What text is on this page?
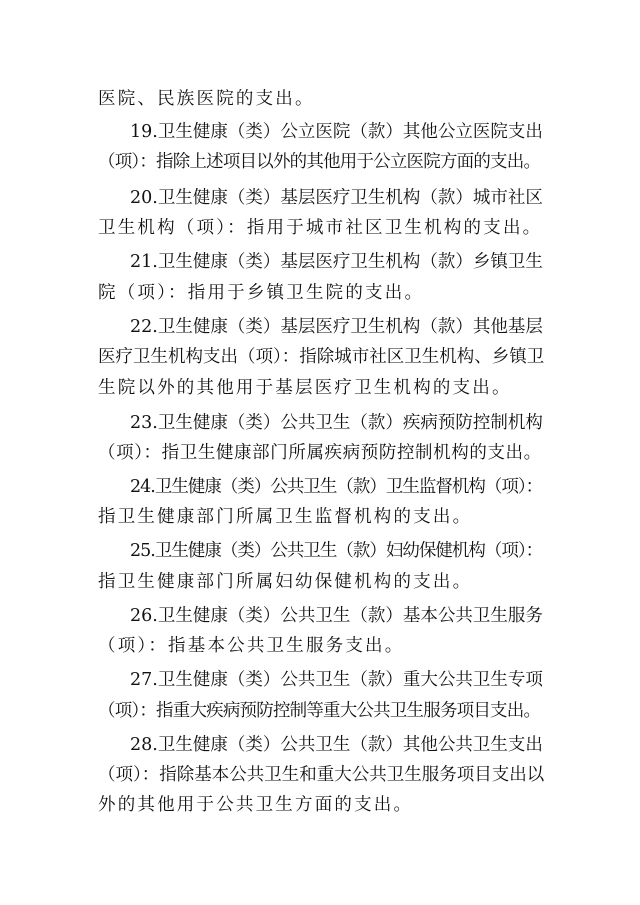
医院、民族医院的支出。
19.卫生健康（类）公立医院（款）其他公立医院支出
（项）：指除上述项目以外的其他用于公立医院方面的支出。
20.卫生健康（类）基层医疗卫生机构（款）城市社区
卫生机构（项）：指用于城市社区卫生机构的支出。
21.卫生健康（类）基层医疗卫生机构（款）乡镇卫生
院（项）：指用于乡镇卫生院的支出。
22.卫生健康（类）基层医疗卫生机构（款）其他基层
医疗卫生机构支出（项）：指除城市社区卫生机构、乡镇卫
生院以外的其他用于基层医疗卫生机构的支出。
23.卫生健康（类）公共卫生（款）疾病预防控制机构
（项）：指卫生健康部门所属疾病预防控制机构的支出。
24.卫生健康（类）公共卫生（款）卫生监督机构（项）：
指卫生健康部门所属卫生监督机构的支出。
25.卫生健康（类）公共卫生（款）妇幼保健机构（项）：
指卫生健康部门所属妇幼保健机构的支出。
26.卫生健康（类）公共卫生（款）基本公共卫生服务
（项）：指基本公共卫生服务支出。
27.卫生健康（类）公共卫生（款）重大公共卫生专项
（项）：指重大疾病预防控制等重大公共卫生服务项目支出。
28.卫生健康（类）公共卫生（款）其他公共卫生支出
（项）：指除基本公共卫生和重大公共卫生服务项目支出以
外的其他用于公共卫生方面的支出。
